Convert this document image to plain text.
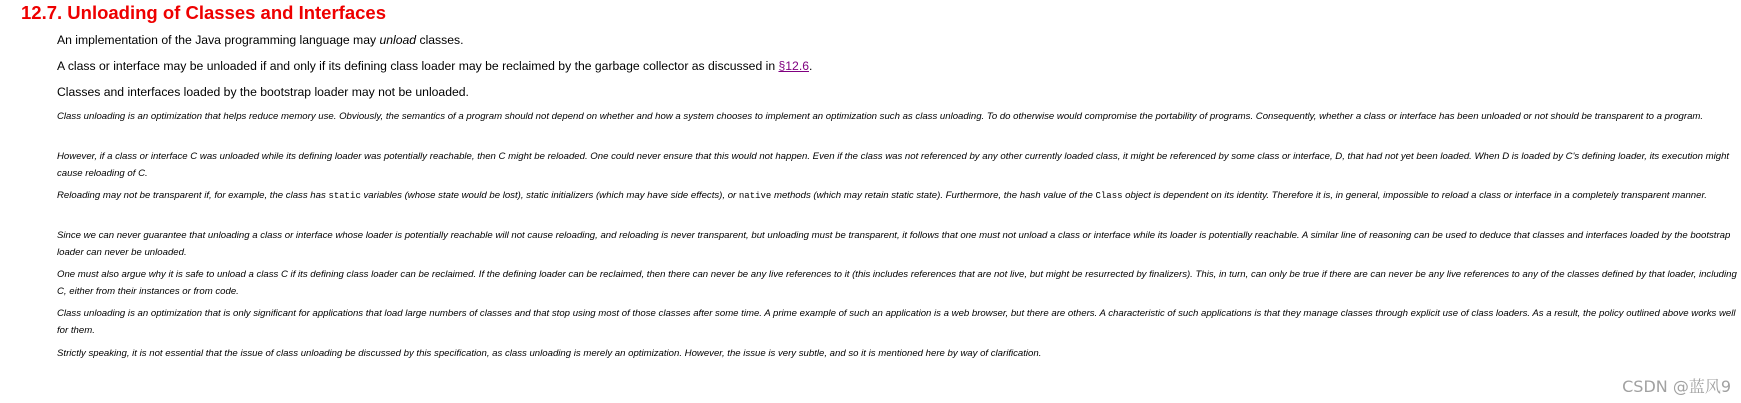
12.7. Unloading of Classes and Interfaces

An implementation of the Java programming language may unload classes.

A class or interface may be unloaded if and only if its defining class loader may be reclaimed by the garbage collector as discussed in §12.6.

Classes and interfaces loaded by the bootstrap loader may not be unloaded.

Class unloading is an optimization that helps reduce memory use. Obviously, the semantics of a program should not depend on whether and how a system chooses to implement an optimization such as class unloading. To do otherwise would compromise the portability of programs. Consequently, whether a class or interface has been unloaded or not should be transparent to a program.

However, if a class or interface C was unloaded while its defining loader was potentially reachable, then C might be reloaded. One could never ensure that this would not happen. Even if the class was not referenced by any other currently loaded class, it might be referenced by some class or interface, D, that had not yet been loaded. When D is loaded by C's defining loader, its execution might cause reloading of C.

Reloading may not be transparent if, for example, the class has static variables (whose state would be lost), static initializers (which may have side effects), or native methods (which may retain static state). Furthermore, the hash value of the Class object is dependent on its identity. Therefore it is, in general, impossible to reload a class or interface in a completely transparent manner.

Since we can never guarantee that unloading a class or interface whose loader is potentially reachable will not cause reloading, and reloading is never transparent, but unloading must be transparent, it follows that one must not unload a class or interface while its loader is potentially reachable. A similar line of reasoning can be used to deduce that classes and interfaces loaded by the bootstrap loader can never be unloaded.

One must also argue why it is safe to unload a class C if its defining class loader can be reclaimed. If the defining loader can be reclaimed, then there can never be any live references to it (this includes references that are not live, but might be resurrected by finalizers). This, in turn, can only be true if there are can never be any live references to any of the classes defined by that loader, including C, either from their instances or from code.

Class unloading is an optimization that is only significant for applications that load large numbers of classes and that stop using most of those classes after some time. A prime example of such an application is a web browser, but there are others. A characteristic of such applications is that they manage classes through explicit use of class loaders. As a result, the policy outlined above works well for them.

Strictly speaking, it is not essential that the issue of class unloading be discussed by this specification, as class unloading is merely an optimization. However, the issue is very subtle, and so it is mentioned here by way of clarification.

CSDN @蓝风9
